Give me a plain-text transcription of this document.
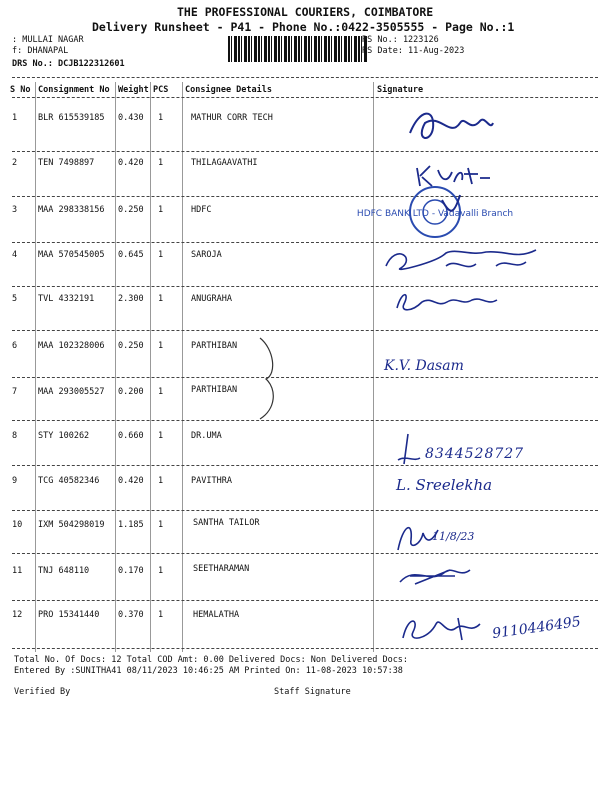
THE PROFESSIONAL COURIERS, COIMBATORE
Delivery Runsheet - P41 - Phone No.:0422-3505555 - Page No.:1
: MULLAI NAGAR
f: DHANAPAL
DRS No.: DCJB122312601
RS No.: 1223126
RS Date: 11-Aug-2023
S No Consignment No Weight PCS Consignee Details	Signature
1 BLR 615539185 0.430 1	MATHUR CORR TECH
2 TEN 7498897	0.420 1	THILAGAAVATHI
3 MAA 298338156 0.250 1	HDFC
4 MAA 570545005 0.645 1	SAROJA
5 TVL 4332191	2.300 1	ANUGRAHA
6 MAA 102328006 0.250 1	PARTHIBAN
7 MAA 293005527 0.200 1	PARTHIBAN
8 STY 100262	0.660 1	DR.UMA
9 TCG 40582346 0.420 1	PAVITHRA
10 IXM 504298019 1.185 1	SANTHA TAILOR
11 TNJ 648110	0.170 1	SEETHARAMAN
12 PRO 15341440 0.370 1	HEMALATHA
Total No. Of Docs: 12 Total COD Amt: 0.00 Delivered Docs: Non Delivered Docs:
Entered By :SUNITHA41 08/11/2023 10:46:25 AM Printed On: 11-08-2023 10:57:38
Verified By	Staff Signature
HDFC BANK LTD - Vadavalli Branch
K.V. Dasam
8344528727
L. Sreelekha
11/8/23
9110446495
